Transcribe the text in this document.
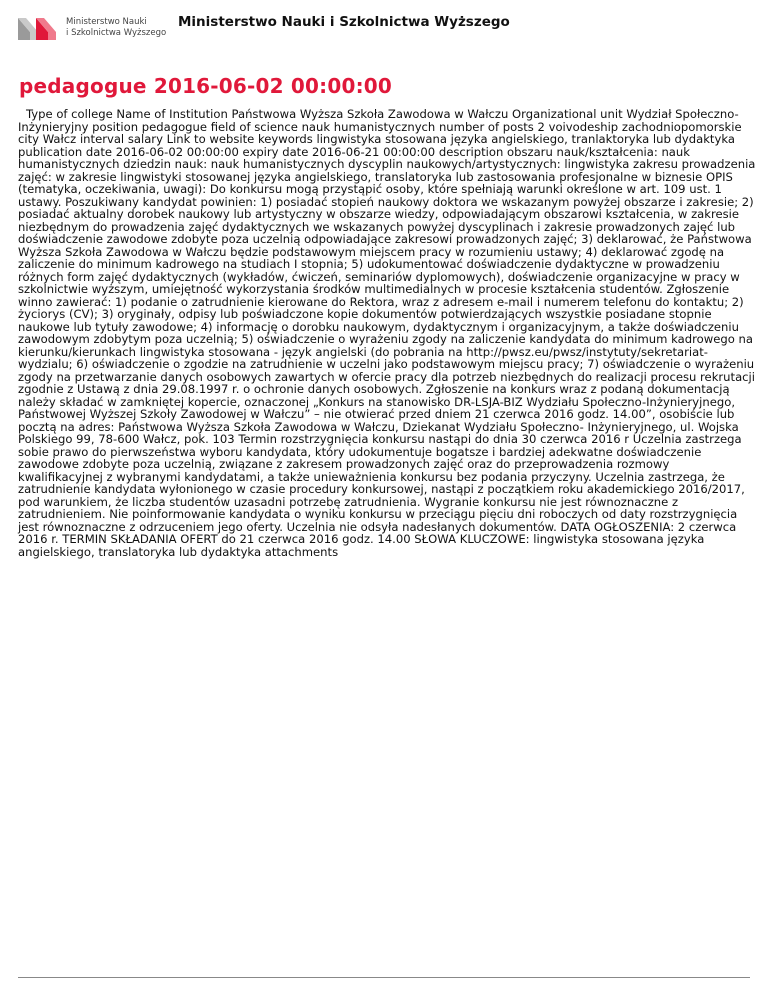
Ministerstwo Nauki
i Szkolnictwa Wyższego
Ministerstwo Nauki i Szkolnictwa Wyższego
pedagogue 2016-06-02 00:00:00

Type of college Name of Institution Państwowa Wyższa Szkoła Zawodowa w Wałczu Organizational unit Wydział Społeczno-Inżynieryjny position pedagogue field of science nauk humanistycznych number of posts 2 voivodeship zachodniopomorskie city Wałcz interval salary Link to website keywords lingwistyka stosowana języka angielskiego, tranlaktoryka lub dydaktyka publication date 2016-06-02 00:00:00 expiry date 2016-06-21 00:00:00 description obszaru nauk/kształcenia: nauk humanistycznych dziedzin nauk: nauk humanistycznych dyscyplin naukowych/artystycznych: lingwistyka zakresu prowadzenia zajęć: w zakresie lingwistyki stosowanej języka angielskiego, translatoryka lub zastosowania profesjonalne w biznesie OPIS (tematyka, oczekiwania, uwagi): Do konkursu mogą przystąpić osoby, które spełniają warunki określone w art. 109 ust. 1 ustawy. Poszukiwany kandydat powinien: 1) posiadać stopień naukowy doktora we wskazanym powyżej obszarze i zakresie; 2) posiadać aktualny dorobek naukowy lub artystyczny w obszarze wiedzy, odpowiadającym obszarowi kształcenia, w zakresie niezbędnym do prowadzenia zajęć dydaktycznych we wskazanych powyżej dyscyplinach i zakresie prowadzonych zajęć lub doświadczenie zawodowe zdobyte poza uczelnią odpowiadające zakresowi prowadzonych zajęć; 3) deklarować, że Państwowa Wyższa Szkoła Zawodowa w Wałczu będzie podstawowym miejscem pracy w rozumieniu ustawy; 4) deklarować zgodę na zaliczenie do minimum kadrowego na studiach I stopnia; 5) udokumentować doświadczenie dydaktyczne w prowadzeniu różnych form zajęć dydaktycznych (wykładów, ćwiczeń, seminariów dyplomowych), doświadczenie organizacyjne w pracy w szkolnictwie wyższym, umiejętność wykorzystania środków multimedialnych w procesie kształcenia studentów. Zgłoszenie winno zawierać: 1) podanie o zatrudnienie kierowane do Rektora, wraz z adresem e-mail i numerem telefonu do kontaktu; 2) życiorys (CV); 3) oryginały, odpisy lub poświadczone kopie dokumentów potwierdzających wszystkie posiadane stopnie naukowe lub tytuły zawodowe; 4) informację o dorobku naukowym, dydaktycznym i organizacyjnym, a także doświadczeniu zawodowym zdobytym poza uczelnią; 5) oświadczenie o wyrażeniu zgody na zaliczenie kandydata do minimum kadrowego na kierunku/kierunkach lingwistyka stosowana - język angielski (do pobrania na http://pwsz.eu/pwsz/instytuty/sekretariat-wydzialu; 6) oświadczenie o zgodzie na zatrudnienie w uczelni jako podstawowym miejscu pracy; 7) oświadczenie o wyrażeniu zgody na przetwarzanie danych osobowych zawartych w ofercie pracy dla potrzeb niezbędnych do realizacji procesu rekrutacji zgodnie z Ustawą z dnia 29.08.1997 r. o ochronie danych osobowych. Zgłoszenie na konkurs wraz z podaną dokumentacją należy składać w zamkniętej kopercie, oznaczonej „Konkurs na stanowisko DR-LSJA-BIZ Wydziału Społeczno-Inżynieryjnego, Państwowej Wyższej Szkoły Zawodowej w Wałczu” – nie otwierać przed dniem 21 czerwca 2016 godz. 14.00”, osobiście lub pocztą na adres: Państwowa Wyższa Szkoła Zawodowa w Wałczu, Dziekanat Wydziału Społeczno- Inżynieryjnego, ul. Wojska Polskiego 99, 78-600 Wałcz, pok. 103 Termin rozstrzygnięcia konkursu nastąpi do dnia 30 czerwca 2016 r Uczelnia zastrzega sobie prawo do pierwszeństwa wyboru kandydata, który udokumentuje bogatsze i bardziej adekwatne doświadczenie zawodowe zdobyte poza uczelnią, związane z zakresem prowadzonych zajęć oraz do przeprowadzenia rozmowy kwalifikacyjnej z wybranymi kandydatami, a także unieważnienia konkursu bez podania przyczyny. Uczelnia zastrzega, że zatrudnienie kandydata wyłonionego w czasie procedury konkursowej, nastąpi z początkiem roku akademickiego 2016/2017, pod warunkiem, że liczba studentów uzasadni potrzebę zatrudnienia. Wygranie konkursu nie jest równoznaczne z zatrudnieniem. Nie poinformowanie kandydata o wyniku konkursu w przeciągu pięciu dni roboczych od daty rozstrzygnięcia jest równoznaczne z odrzuceniem jego oferty. Uczelnia nie odsyła nadesłanych dokumentów. DATA OGŁOSZENIA: 2 czerwca 2016 r. TERMIN SKŁADANIA OFERT do 21 czerwca 2016 godz. 14.00 SŁOWA KLUCZOWE: lingwistyka stosowana języka angielskiego, translatoryka lub dydaktyka attachments
